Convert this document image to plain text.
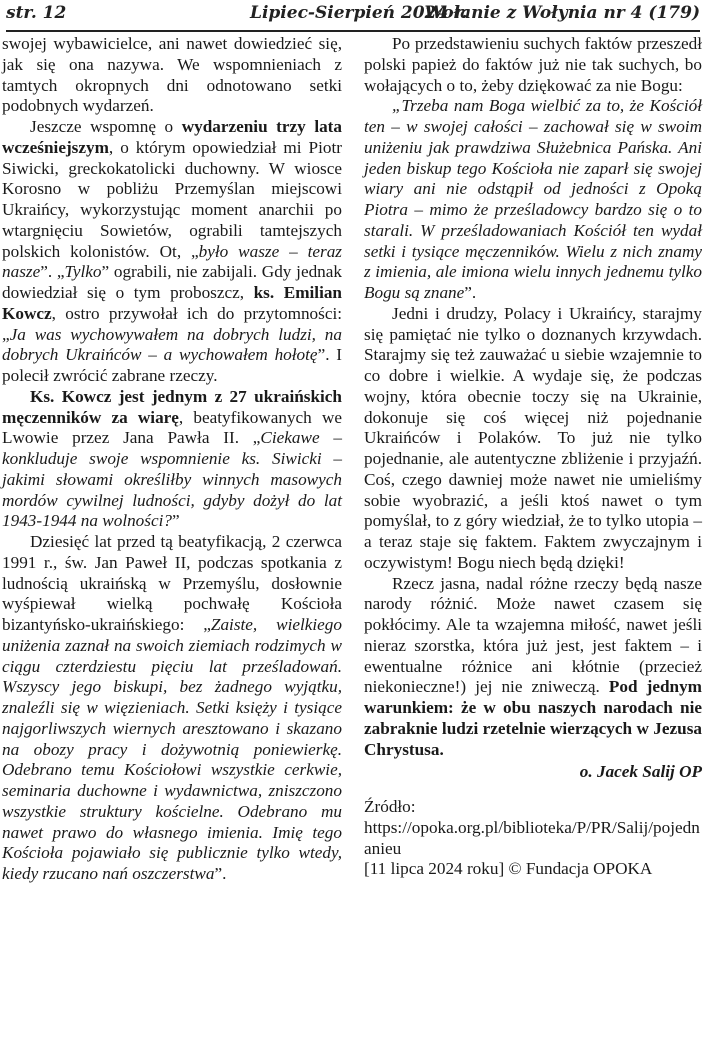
str. 12	Lipiec-Sierpień 2024 r.
Wołanie z Wołynia nr 4 (179)

swojej wybawicielce, ani nawet dowiedzieć się, jak się ona nazywa. We wspomnieniach z tamtych okropnych dni odnotowano setki podobnych wydarzeń.

Jeszcze wspomnę o wydarzeniu trzy lata wcześniejszym, o którym opowiedział mi Piotr Siwicki, greckokatolicki duchowny. W wiosce Korosno w pobliżu Przemyślan miejscowi Ukraińcy, wykorzystując moment anarchii po wtargnięciu Sowietów, ograbili tamtejszych polskich kolonistów. Ot, „było wasze – teraz nasze”. „Tylko” ograbili, nie zabijali. Gdy jednak dowiedział się o tym proboszcz, ks. Emilian Kowcz, ostro przywołał ich do przytomności: „Ja was wychowywałem na dobrych ludzi, na dobrych Ukraińców – a wychowałem hołotę”. I polecił zwrócić zabrane rzeczy.

Ks. Kowcz jest jednym z 27 ukraińskich męczenników za wiarę, beatyfikowanych we Lwowie przez Jana Pawła II. „Ciekawe – konkluduje swoje wspomnienie ks. Siwicki – jakimi słowami określiłby winnych masowych mordów cywilnej ludności, gdyby dożył do lat 1943-1944 na wolności?”

Dziesięć lat przed tą beatyfikacją, 2 czerwca 1991 r., św. Jan Paweł II, podczas spotkania z ludnością ukraińską w Przemyślu, dosłownie wyśpiewał wielką pochwałę Kościoła bizantyńsko-ukraińskiego: „Zaiste, wielkiego uniżenia zaznał na swoich ziemiach rodzimych w ciągu czterdziestu pięciu lat prześladowań. Wszyscy jego biskupi, bez żadnego wyjątku, znaleźli się w więzieniach. Setki księży i tysiące najgorliwszych wiernych aresztowano i skazano na obozy pracy i dożywotnią poniewierkę. Odebrano temu Kościołowi wszystkie cerkwie, seminaria duchowne i wydawnictwa, zniszczono wszystkie struktury kościelne. Odebrano mu nawet prawo do własnego imienia. Imię tego Kościoła pojawiało się publicznie tylko wtedy, kiedy rzucano nań oszczerstwa”.

Po przedstawieniu suchych faktów przeszedł polski papież do faktów już nie tak suchych, bo wołających o to, żeby dziękować za nie Bogu:

„Trzeba nam Boga wielbić za to, że Kościół ten – w swojej całości – zachował się w swoim uniżeniu jak prawdziwa Służebnica Pańska. Ani jeden biskup tego Kościoła nie zaparł się swojej wiary ani nie odstąpił od jedności z Opoką Piotra – mimo że prześladowcy bardzo się o to starali. W prześladowaniach Kościół ten wydał setki i tysiące męczenników. Wielu z nich znamy z imienia, ale imiona wielu innych jednemu tylko Bogu są znane”.

Jedni i drudzy, Polacy i Ukraińcy, starajmy się pamiętać nie tylko o doznanych krzywdach. Starajmy się też zauważać u siebie wzajemnie to co dobre i wielkie. A wydaje się, że podczas wojny, która obecnie toczy się na Ukrainie, dokonuje się coś więcej niż pojednanie Ukraińców i Polaków. To już nie tylko pojednanie, ale autentyczne zbliżenie i przyjaźń. Coś, czego dawniej może nawet nie umieliśmy sobie wyobrazić, a jeśli ktoś nawet o tym pomyślał, to z góry wiedział, że to tylko utopia – a teraz staje się faktem. Faktem zwyczajnym i oczywistym! Bogu niech będą dzięki!

Rzecz jasna, nadal różne rzeczy będą nasze narody różnić. Może nawet czasem się pokłócimy. Ale ta wzajemna miłość, nawet jeśli nieraz szorstka, która już jest, jest faktem – i ewentualne różnice ani kłótnie (przecież niekonieczne!) jej nie zniweczą. Pod jednym warunkiem: że w obu naszych narodach nie zabraknie ludzi rzetelnie wierzących w Jezusa Chrystusa.

o. Jacek Salij OP

Źródło:
https://opoka.org.pl/biblioteka/P/PR/Salij/pojednanieu
[11 lipca 2024 roku] © Fundacja OPOKA
